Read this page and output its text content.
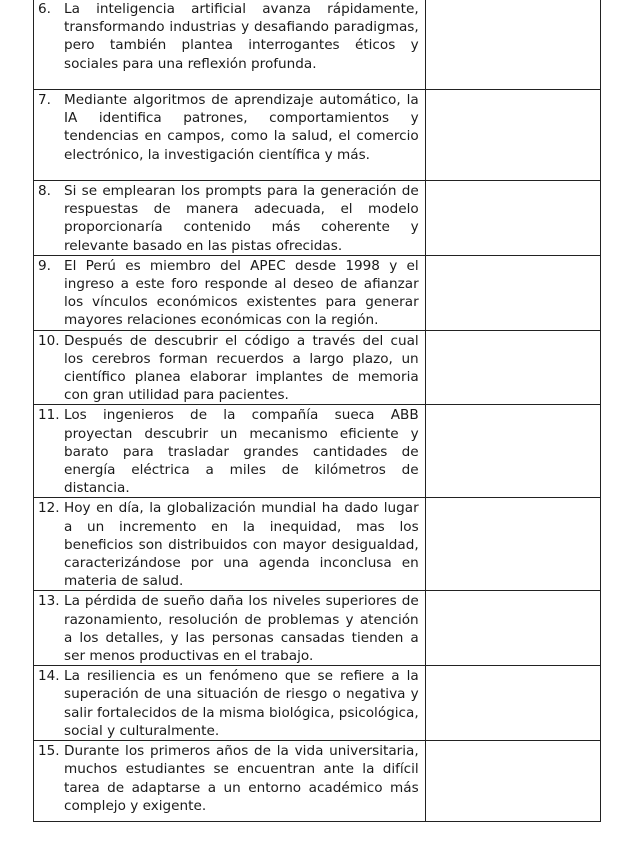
6. La inteligencia artificial avanza rápidamente, transformando industrias y desafiando paradigmas, pero también plantea interrogantes éticos y sociales para una reflexión profunda.	

7. Mediante algoritmos de aprendizaje automático, la IA identifica patrones, comportamientos y tendencias en campos, como la salud, el comercio electrónico, la investigación científica y más.	

8. Si se emplearan los prompts para la generación de respuestas de manera adecuada, el modelo proporcionaría contenido más coherente y relevante basado en las pistas ofrecidas.	

9. El Perú es miembro del APEC desde 1998 y el ingreso a este foro responde al deseo de afianzar los vínculos económicos existentes para generar mayores relaciones económicas con la región.	

10. Después de descubrir el código a través del cual los cerebros forman recuerdos a largo plazo, un científico planea elaborar implantes de memoria con gran utilidad para pacientes.	

11. Los ingenieros de la compañía sueca ABB proyectan descubrir un mecanismo eficiente y barato para trasladar grandes cantidades de energía eléctrica a miles de kilómetros de distancia.	

12. Hoy en día, la globalización mundial ha dado lugar a un incremento en la inequidad, mas los beneficios son distribuidos con mayor desigualdad, caracterizándose por una agenda inconclusa en materia de salud.	

13. La pérdida de sueño daña los niveles superiores de razonamiento, resolución de problemas y atención a los detalles, y las personas cansadas tienden a ser menos productivas en el trabajo.	

14. La resiliencia es un fenómeno que se refiere a la superación de una situación de riesgo o negativa y salir fortalecidos de la misma biológica, psicológica, social y culturalmente.	

15. Durante los primeros años de la vida universitaria, muchos estudiantes se encuentran ante la difícil tarea de adaptarse a un entorno académico más complejo y exigente.	
